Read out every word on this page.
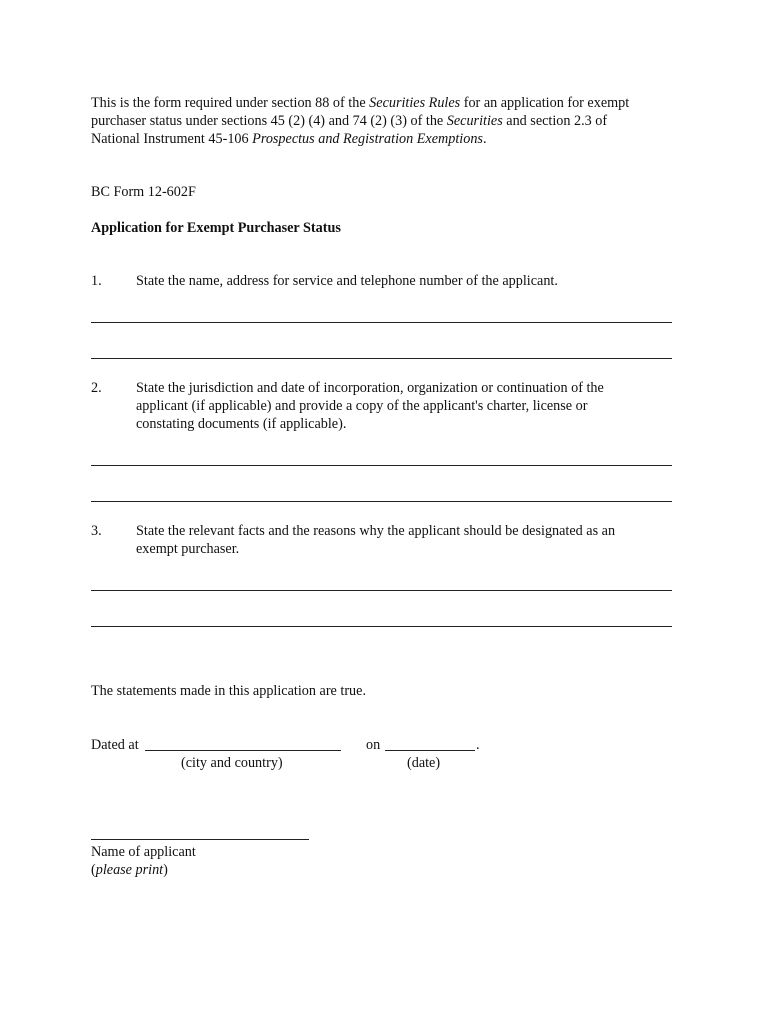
This is the form required under section 88 of the Securities Rules for an application for exempt
purchaser status under sections 45 (2) (4) and 74 (2) (3) of the Securities and section 2.3 of
National Instrument 45-106 Prospectus and Registration Exemptions.
BC Form 12-602F
Application for Exempt Purchaser Status
1. State the name, address for service and telephone number of the applicant.
2. State the jurisdiction and date of incorporation, organization or continuation of the
applicant (if applicable) and provide a copy of the applicant's charter, license or
constating documents (if applicable).
3. State the relevant facts and the reasons why the applicant should be designated as an
exempt purchaser.
The statements made in this application are true.
Dated at	on	.
(city and country)	(date)
Name of applicant
(please print)
